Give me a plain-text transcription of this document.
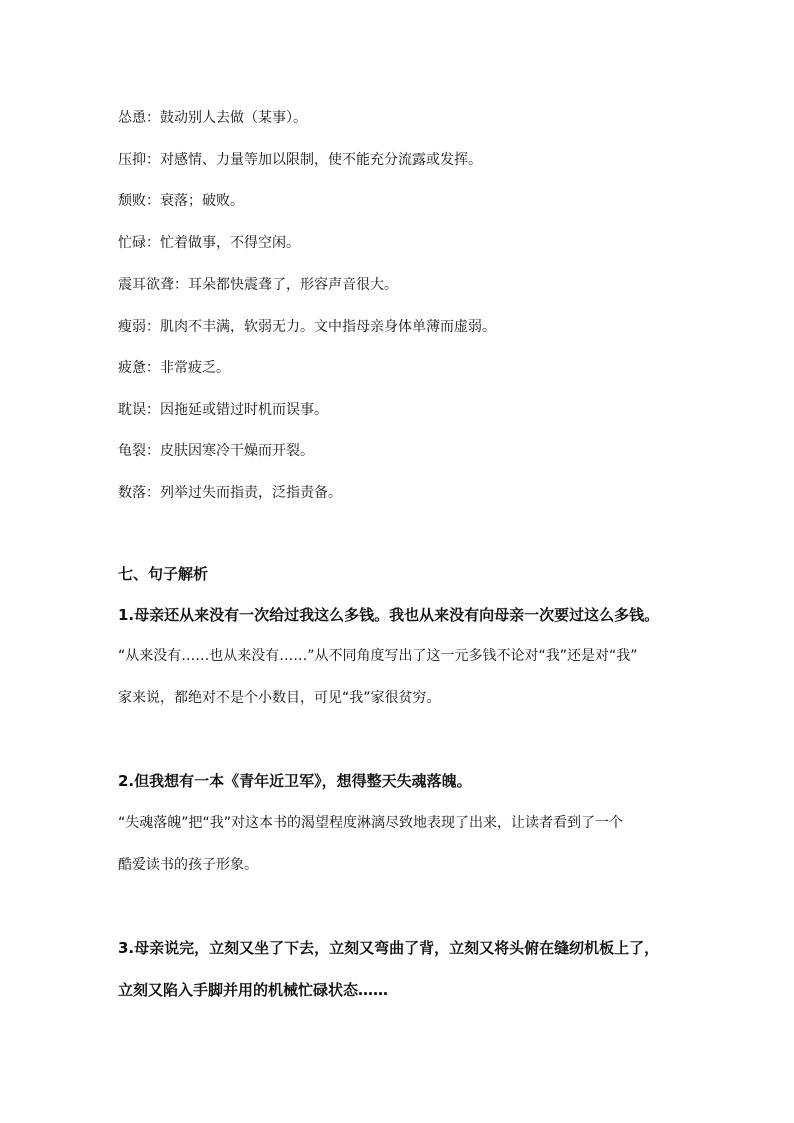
怂恿：鼓动别人去做（某事）。
压抑：对感情、力量等加以限制，使不能充分流露或发挥。
颓败：衰落；破败。
忙碌：忙着做事，不得空闲。
震耳欲聋：耳朵都快震聋了，形容声音很大。
瘦弱：肌肉不丰满，软弱无力。文中指母亲身体单薄而虚弱。
疲惫：非常疲乏。
耽误：因拖延或错过时机而误事。
龟裂：皮肤因寒冷干燥而开裂。
数落：列举过失而指责，泛指责备。
七、句子解析
1.母亲还从来没有一次给过我这么多钱。我也从来没有向母亲一次要过这么多钱。
“从来没有……也从来没有……”从不同角度写出了这一元多钱不论对“我”还是对“我”
家来说，都绝对不是个小数目，可见“我”家很贫穷。
2.但我想有一本《青年近卫军》，想得整天失魂落魄。
“失魂落魄”把“我”对这本书的渴望程度淋漓尽致地表现了出来，让读者看到了一个
酷爱读书的孩子形象。
3.母亲说完，立刻又坐了下去，立刻又弯曲了背，立刻又将头俯在缝纫机板上了，
立刻又陷入手脚并用的机械忙碌状态……
